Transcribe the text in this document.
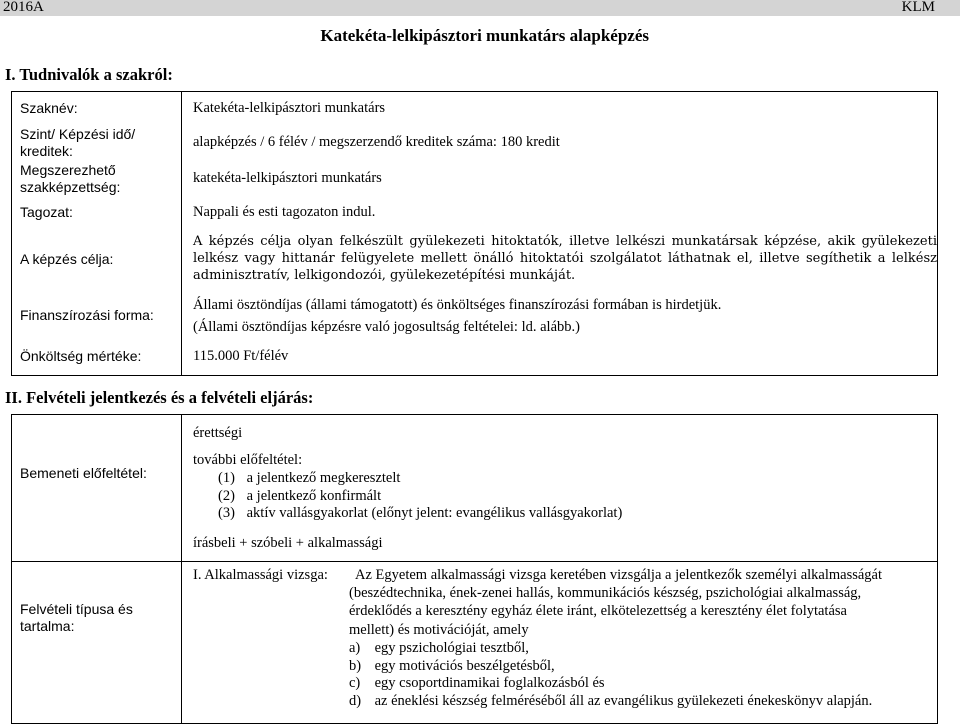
2016A	KLM
Katekéta-lelkipásztori munkatárs alapképzés
I. Tudnivalók a szakról:
Szaknév:	Katekéta-lelkipásztori munkatárs
Szint/ Képzési idő/
kreditek:
alapképzés / 6 félév / megszerzendő kreditek száma: 180 kredit
Megszerezhető
szakképzettség:
katekéta-lelkipásztori munkatárs
Tagozat:	Nappali és esti tagozaton indul.
A képzés célja:
A képzés célja olyan felkészült gyülekezeti hitoktatók, illetve lelkészi munkatársak képzése, akik gyülekezeti lelkész vagy hittanár felügyelete mellett önálló hitoktatói szolgálatot láthatnak el, illetve segíthetik a lelkész adminisztratív, lelkigondozói, gyülekezetépítési munkáját.
Finanszírozási forma:
Állami ösztöndíjas (állami támogatott) és önköltséges finanszírozási formában is hirdetjük.
(Állami ösztöndíjas képzésre való jogosultság feltételei: ld. alább.)
Önköltség mértéke:	115.000 Ft/félév
II. Felvételi jelentkezés és a felvételi eljárás:
Bemeneti előfeltétel:
érettségi
további előfeltétel:
(1) a jelentkező megkeresztelt
(2) a jelentkező konfirmált
(3) aktív vallásgyakorlat (előnyt jelent: evangélikus vallásgyakorlat)
írásbeli + szóbeli + alkalmassági
Felvételi típusa és
tartalma:
I. Alkalmassági vizsga: Az Egyetem alkalmassági vizsga keretében vizsgálja a jelentkezők személyi alkalmasságát
(beszédtechnika, ének-zenei hallás, kommunikációs készség, pszichológiai alkalmasság,
érdeklődés a keresztény egyház élete iránt, elkötelezettség a keresztény élet folytatása
mellett) és motivációját, amely
a) egy pszichológiai tesztből,
b) egy motivációs beszélgetésből,
c) egy csoportdinamikai foglalkozásból és
d) az éneklési készség felméréséből áll az evangélikus gyülekezeti énekeskönyv alapján.
